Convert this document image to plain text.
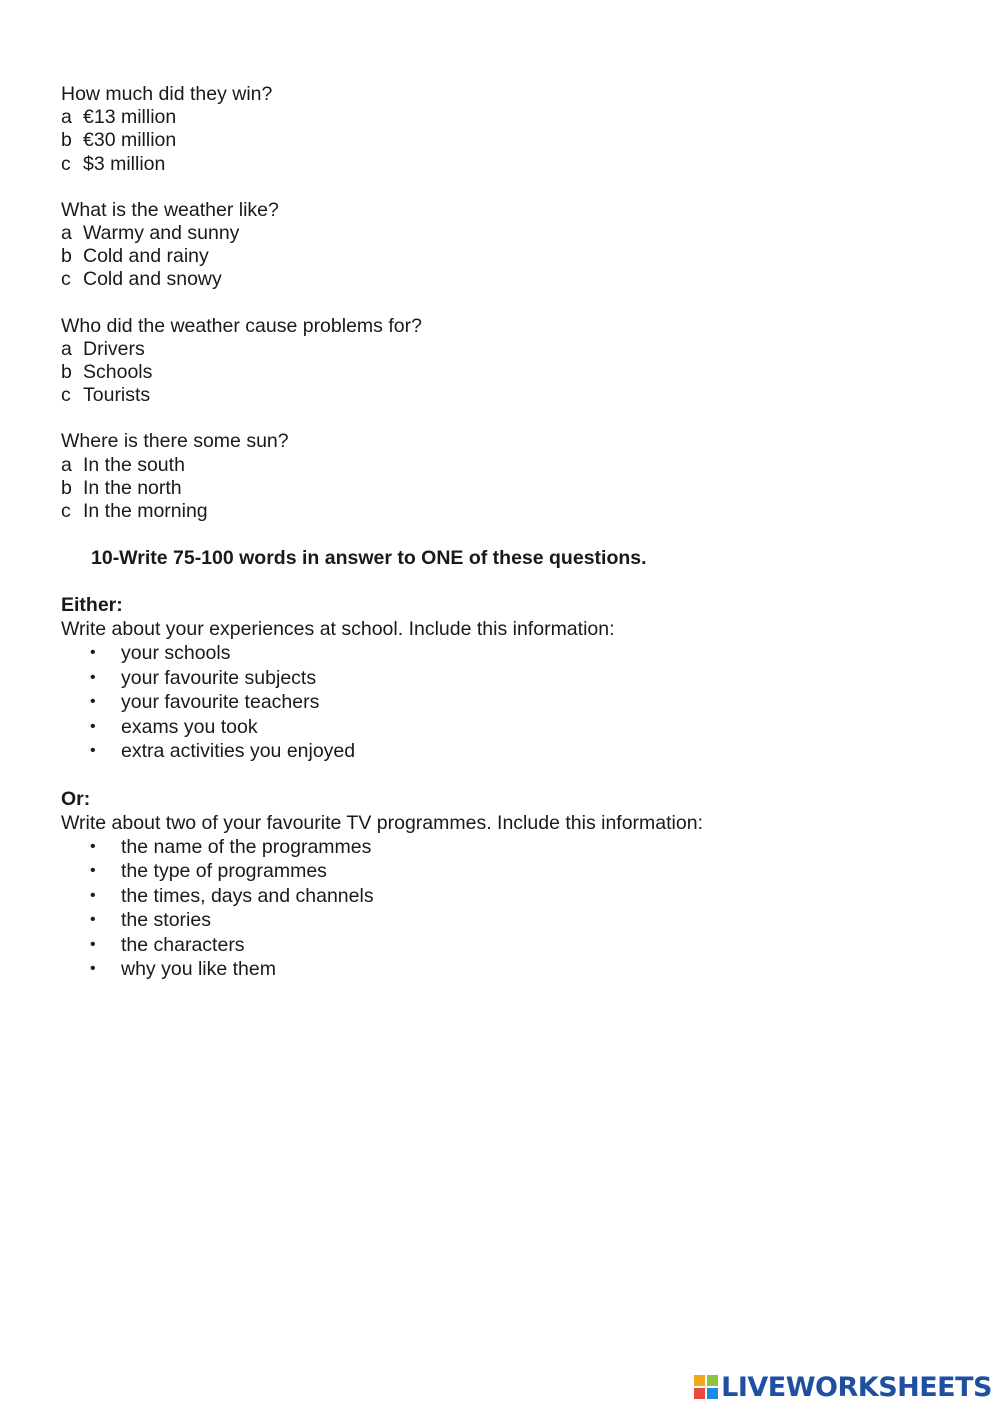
How much did they win?

a €13 million
b €30 million
c $3 million

What is the weather like?

a Warmy and sunny
b Cold and rainy
c Cold and snowy

Who did the weather cause problems for?

a Drivers
b Schools
c Tourists

Where is there some sun?

a In the south
b In the north
c In the morning
10-Write 75-100 words in answer to ONE of these questions.
Either:
Write about your experiences at school. Include this information:
•	your schools
•	your favourite subjects
•	your favourite teachers
•	exams you took
•	extra activities you enjoyed
Or:
Write about two of your favourite TV programmes. Include this information:
•	the name of the programmes
•	the type of programmes
•	the times, days and channels
•	the stories
•	the characters
•	why you like them
LIVEWORKSHEETS
